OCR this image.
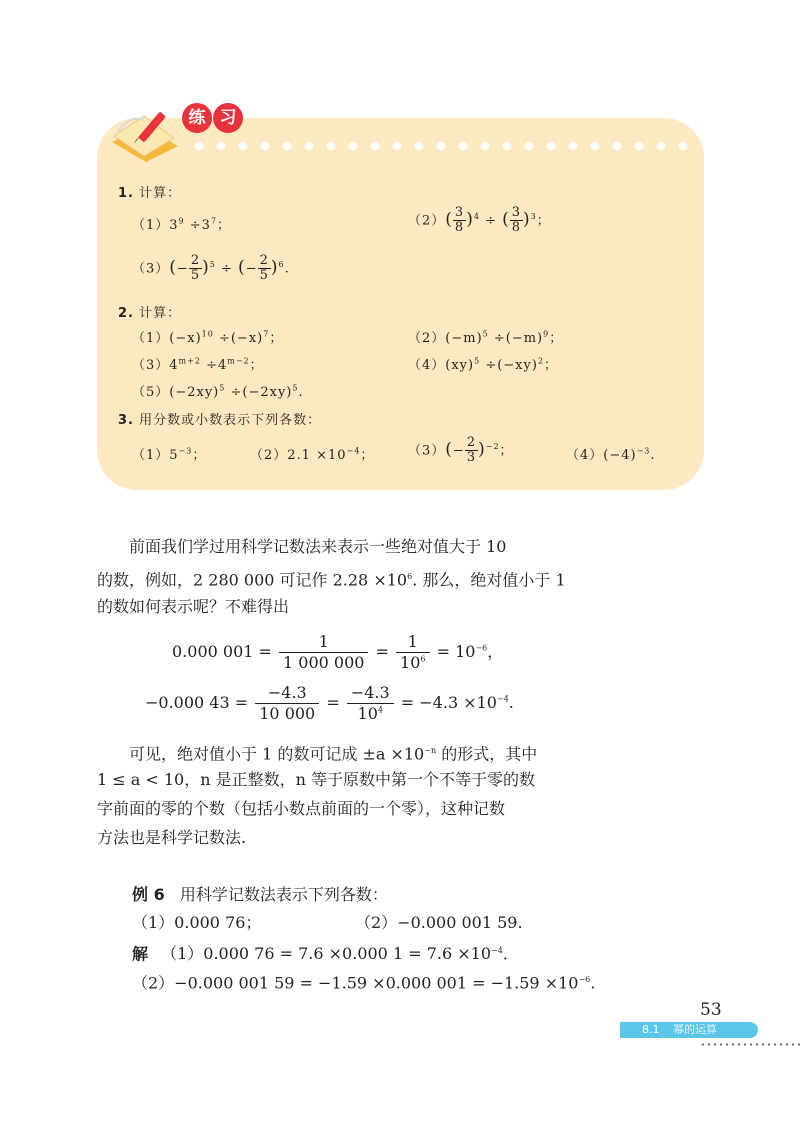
练 习
1. 计算：
$(1)3^9 \div 3^7$；	$(2)( \frac{3}{8} )^4$ ÷ ( $\frac{3}{8} )^3$；
$(3)(- \frac{2}{5} )^5$ ÷ (− $\frac{2}{5} )^6$.
2. 计算：
$(1)(-x)^{10} \div(-x)^7$；	$(2)(-m)^5 \div(-m)^9$；
$(3)4^{m+2} \div 4^{m-2}$；	$(4)(xy)^5 \div(-xy)^2$；
$(5)(-2xy)^5 \div(-2xy)^5$.
3. 用分数或小数表示下列各数：
$(1)5^{-3}$；	$(2)2.1 \times 10^{-4}$；	$(3)(- \frac{2}{3} )^{-2}$；	$(4)(-4)^{-3}$.
前面我们学过用科学记数法来表示一些绝对值大于 10
的数，例如，2 280 000 可记作 $2.28 \times 10^6$. 那么，绝对值小于 1
的数如何表示呢？不难得出
0.000 $001 = \frac{1}{1 000 000} = \frac{1}{10^6} = 10^{-6}$，
−0.000 $43 = \frac{-4.3}{10 000} = \frac{-4.3}{10^4} = -4.3 \times 10^{-4}$.
可见，绝对值小于 1 的数可记成 $\pm a \times 10^{-n}$ 的形式，其中
1 ≤ a < 10，n 是正整数，n 等于原数中第一个不等于零的数
字前面的零的个数（包括小数点前面的一个零），这种记数
方法也是科学记数法.
例 6 用科学记数法表示下列各数：
（1）0.000 76；	（2）−0.000 001 59.
解 （1）0.000 76 = 7.6 ×0.000 $1 = 7.6 \times 10^{-4}$.
（2）−0.000 001 59 = −1.59 ×0.000 $001 = -1.59 \times 10^{-6}$.
53
8.1 幂的运算
